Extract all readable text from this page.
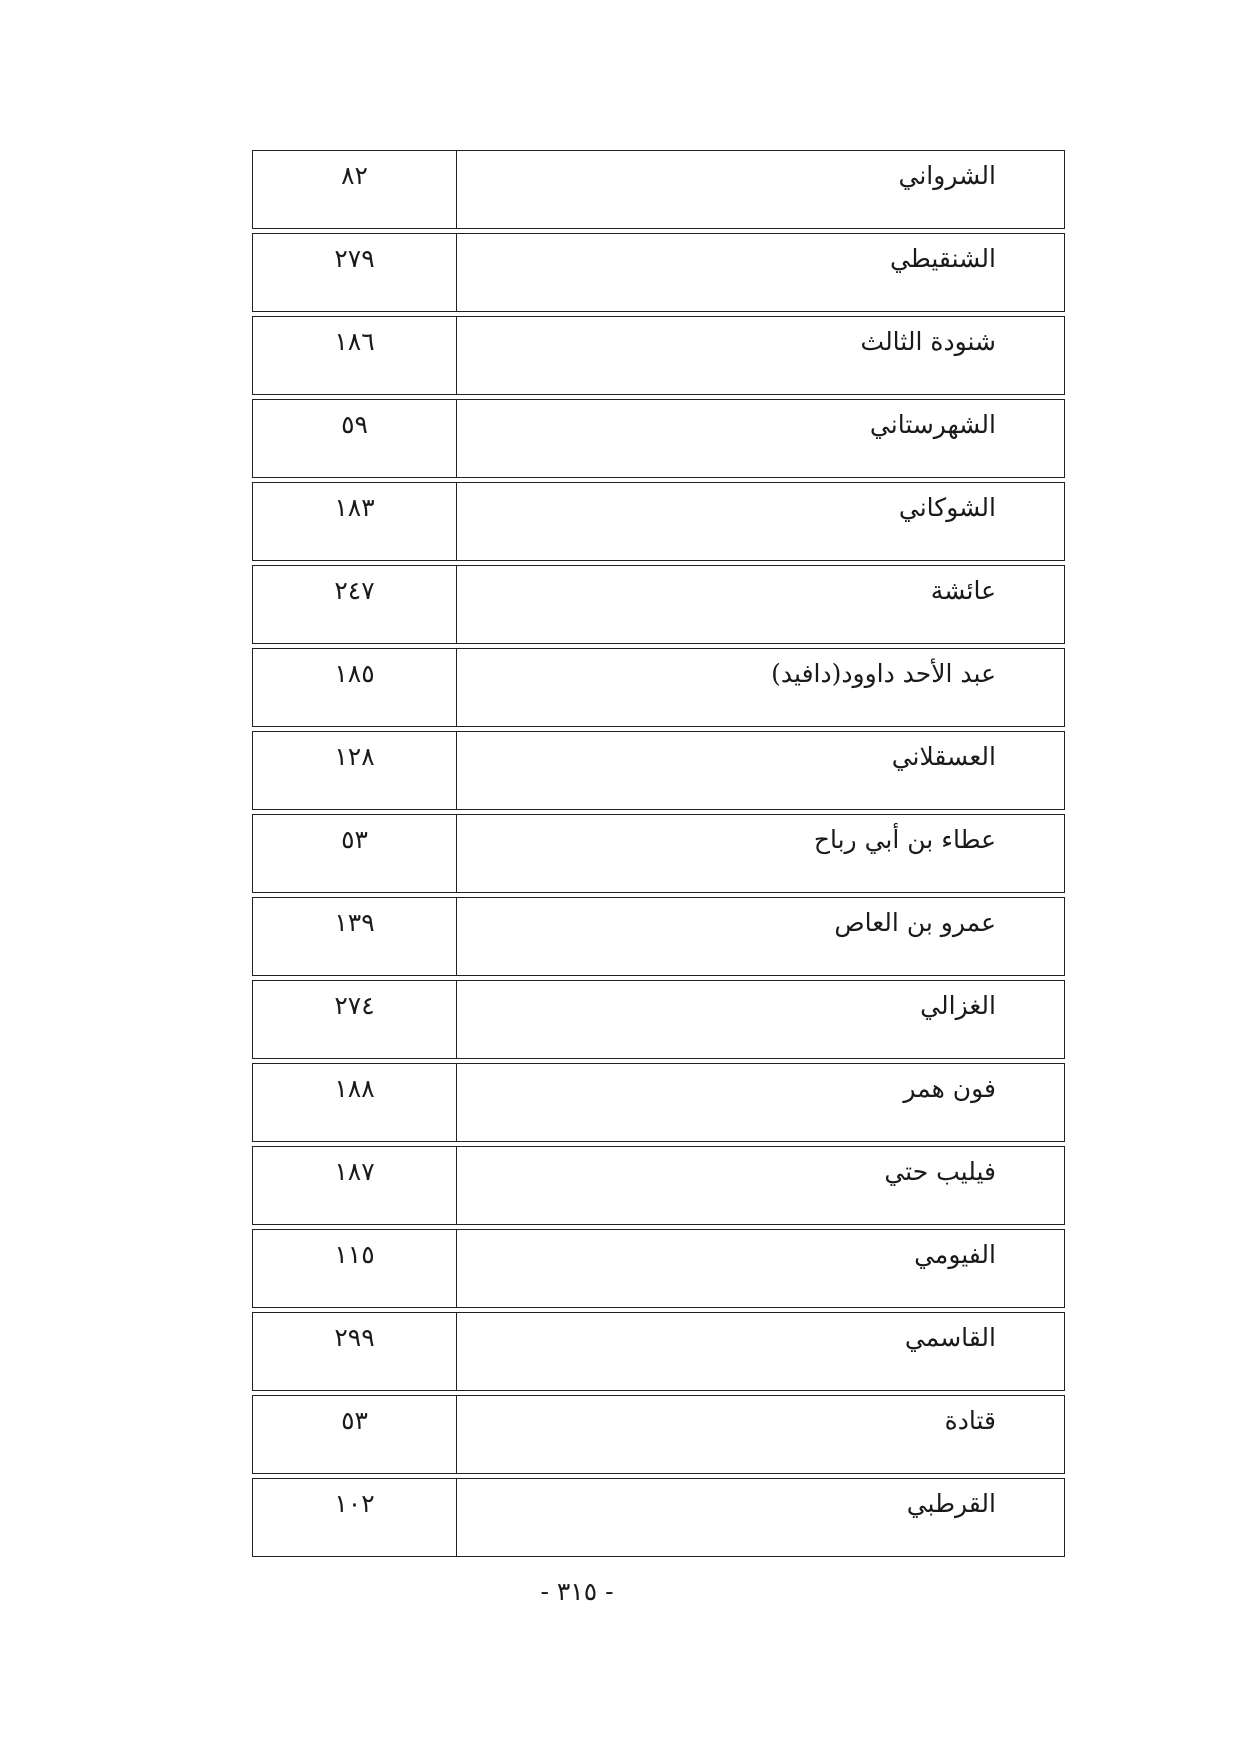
٨٢	الشرواني
٢٧٩	الشنقيطي
١٨٦	شنودة الثالث
٥٩	الشهرستاني
١٨٣	الشوكاني
٢٤٧	عائشة
١٨٥	عبد الأحد داوود(دافيد)
١٢٨	العسقلاني
٥٣	عطاء بن أبي رباح
١٣٩	عمرو بن العاص
٢٧٤	الغزالي
١٨٨	فون همر
١٨٧	فيليب حتي
١١٥	الفيومي
٢٩٩	القاسمي
٥٣	قتادة
١٠٢	القرطبي
- ٣١٥ -
